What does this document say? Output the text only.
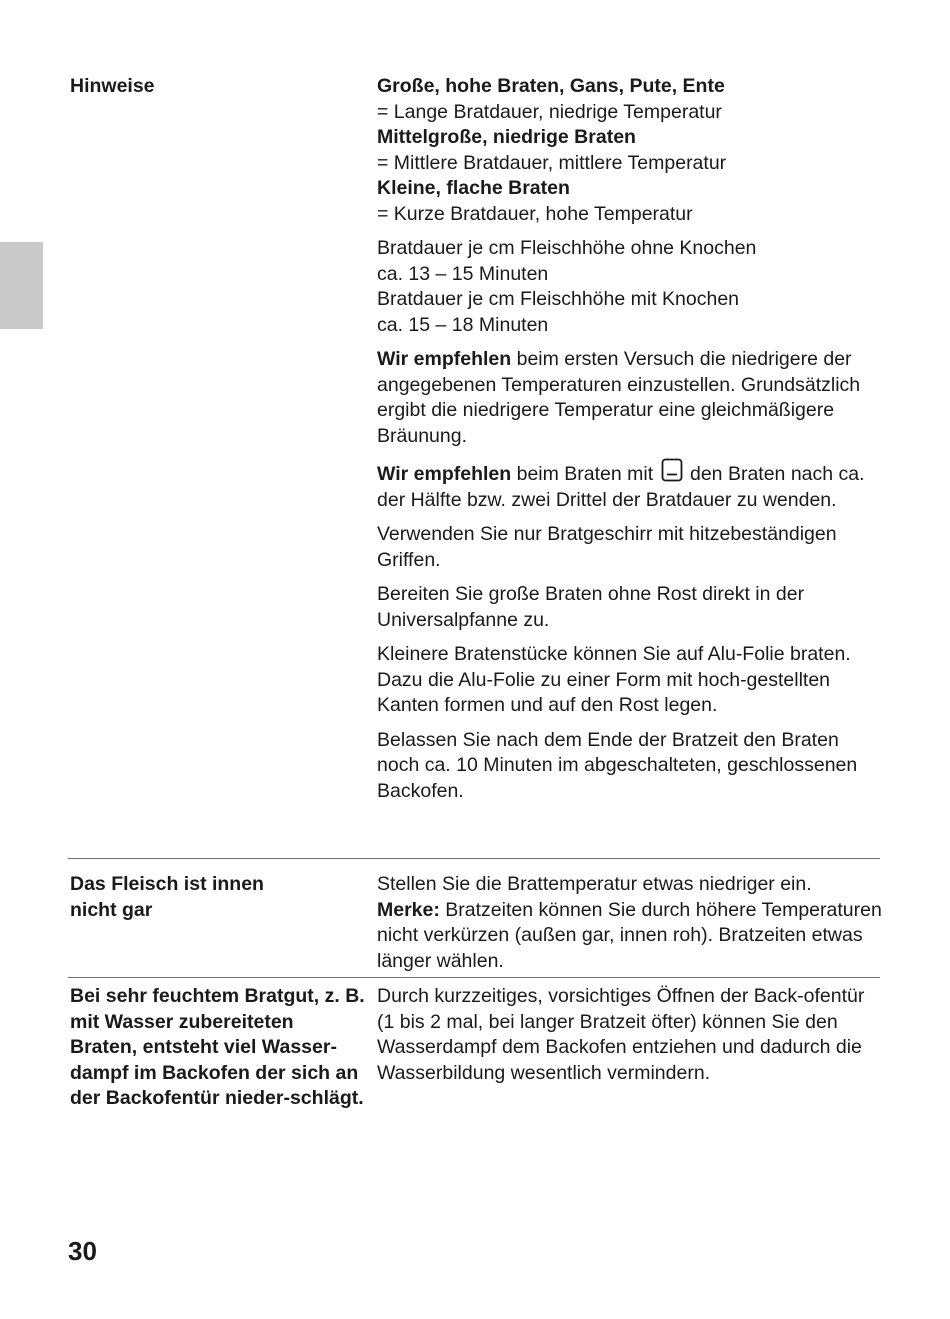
Hinweise	Große, hohe Braten, Gans, Pute, Ente
= Lange Bratdauer, niedrige Temperatur
Mittelgroße, niedrige Braten
= Mittlere Bratdauer, mittlere Temperatur
Kleine, flache Braten
= Kurze Bratdauer, hohe Temperatur

Bratdauer je cm Fleischhöhe ohne Knochen
ca. 13 – 15 Minuten
Bratdauer je cm Fleischhöhe mit Knochen
ca. 15 – 18 Minuten

Wir empfehlen beim ersten Versuch die niedrigere der angegebenen Temperaturen einzustellen. Grundsätzlich ergibt die niedrigere Temperatur eine gleichmäßigere Bräunung.

Wir empfehlen beim Braten mit  den Braten nach ca. der Hälfte bzw. zwei Drittel der Bratdauer zu wenden.

Verwenden Sie nur Bratgeschirr mit hitzebeständigen Griffen.

Bereiten Sie große Braten ohne Rost direkt in der Universalpfanne zu.

Kleinere Bratenstücke können Sie auf Alu-Folie braten. Dazu die Alu-Folie zu einer Form mit hoch-gestellten Kanten formen und auf den Rost legen.

Belassen Sie nach dem Ende der Bratzeit den Braten noch ca. 10 Minuten im abgeschalteten, geschlossenen Backofen.

Das Fleisch ist innen
nicht gar
Stellen Sie die Brattemperatur etwas niedriger ein.
Merke: Bratzeiten können Sie durch höhere Temperaturen nicht verkürzen (außen gar, innen roh). Bratzeiten etwas länger wählen.
Bei sehr feuchtem Bratgut, z. B. mit Wasser zubereiteten Braten, entsteht viel Wasser-dampf im Backofen der sich an der Backofentür nieder-schlägt.
Durch kurzzeitiges, vorsichtiges Öffnen der Back-ofentür (1 bis 2 mal, bei langer Bratzeit öfter) können Sie den Wasserdampf dem Backofen entziehen und dadurch die Wasserbildung wesentlich vermindern.
30
